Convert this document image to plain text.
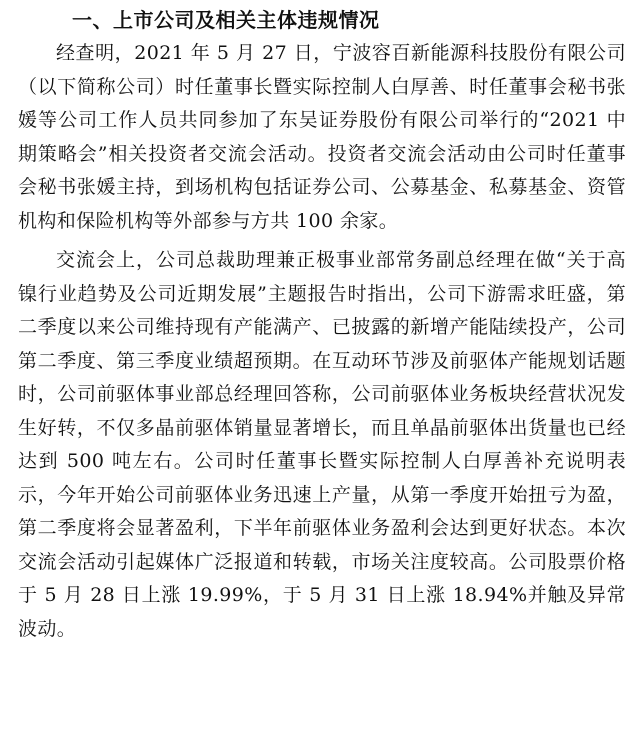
一、上市公司及相关主体违规情况

经查明，2021 年 5 月 27 日，宁波容百新能源科技股份有限公司（以下简称公司）时任董事长暨实际控制人白厚善、时任董事会秘书张媛等公司工作人员共同参加了东吴证券股份有限公司举行的“2021 中期策略会”相关投资者交流会活动。投资者交流会活动由公司时任董事会秘书张媛主持，到场机构包括证券公司、公募基金、私募基金、资管机构和保险机构等外部参与方共 100 余家。

交流会上，公司总裁助理兼正极事业部常务副总经理在做“关于高镍行业趋势及公司近期发展”主题报告时指出，公司下游需求旺盛，第二季度以来公司维持现有产能满产、已披露的新增产能陆续投产，公司第二季度、第三季度业绩超预期。在互动环节涉及前驱体产能规划话题时，公司前驱体事业部总经理回答称，公司前驱体业务板块经营状况发生好转，不仅多晶前驱体销量显著增长，而且单晶前驱体出货量也已经达到 500 吨左右。公司时任董事长暨实际控制人白厚善补充说明表示，今年开始公司前驱体业务迅速上产量，从第一季度开始扭亏为盈，第二季度将会显著盈利，下半年前驱体业务盈利会达到更好状态。本次交流会活动引起媒体广泛报道和转载，市场关注度较高。公司股票价格于 5 月 28 日上涨 19.99%，于 5 月 31 日上涨 18.94%并触及异常波动。
